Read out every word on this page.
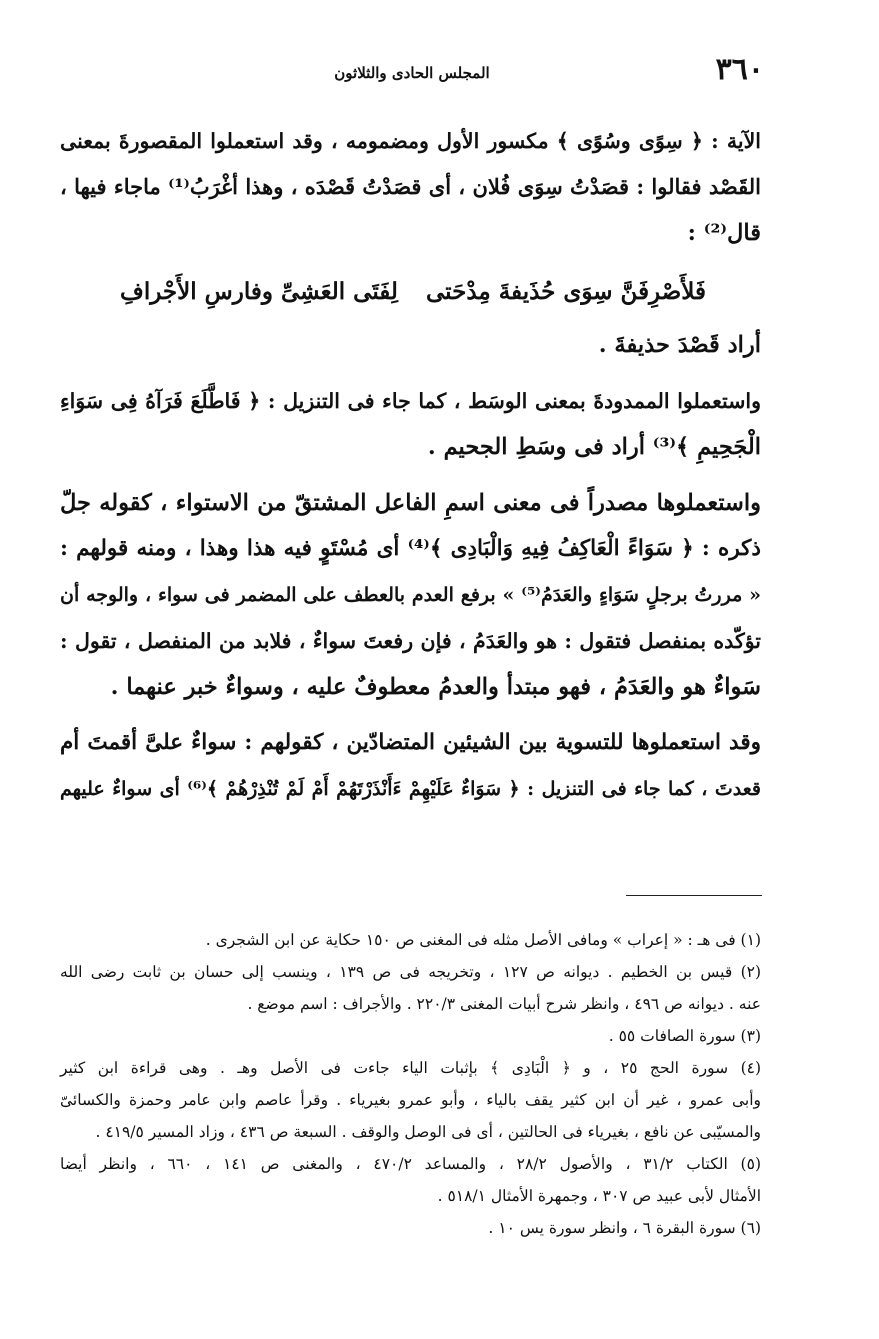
٣٦٠
المجلس الحادى والثلاثون
الآية : ﴿ سِوًى وسُوًى ﴾ مكسور الأول ومضمومه ، وقد استعملوا المقصورةَ بمعنى
القَصْد فقالوا : قصَدْتُ سِوَى فُلان ، أى قصَدْتُ قَصْدَه ، وهذا أغْرَبُ⁽¹⁾ ماجاء فيها ،
قال⁽²⁾ :
فَلأَصْرِفَنَّ سِوَى حُذَيفةَ مِدْحَتى
لِفَتَى العَشِىِّ وفارسِ الأَجْرافِ
أراد قَصْدَ حذيفةَ .
واستعملوا الممدودةَ بمعنى الوسَط ، كما جاء فى التنزيل : ﴿ فَاطَّلَعَ فَرَآهُ فِى سَوَاءِ
الْجَحِيمِ ﴾⁽³⁾ أراد فى وسَطِ الجحيم .
واستعملوها مصدراً فى معنى اسمِ الفاعل المشتقّ من الاستواء ، كقوله جلّ
ذكره : ﴿ سَوَاءً الْعَاكِفُ فِيهِ وَالْبَادِى ﴾⁽⁴⁾ أى مُسْتَوٍ فيه هذا وهذا ، ومنه قولهم :
« مررتُ برجلٍ سَوَاءٍ والعَدَمُ⁽⁵⁾ » برفع العدم بالعطف على المضمر فى سواء ، والوجه أن
تؤكّده بمنفصل فتقول : هو والعَدَمُ ، فإن رفعتَ سواءٌ ، فلابد من المنفصل ، تقول :
سَواءٌ هو والعَدَمُ ، فهو مبتدأ والعدمُ معطوفٌ عليه ، وسواءٌ خبر عنهما .
وقد استعملوها للتسوية بين الشيئين المتضادّين ، كقولهم : سواءٌ علىَّ أقمتَ أم
قعدتَ ، كما جاء فى التنزيل : ﴿ سَوَاءٌ عَلَيْهِمْ ءَأَنْذَرْتَهُمْ أَمْ لَمْ تُنْذِرْهُمْ ﴾⁽⁶⁾ أى سواءٌ عليهم
(١) فى هـ : « إعراب » ومافى الأصل مثله فى المغنى ص ١٥٠ حكاية عن ابن الشجرى .
(٢) قيس بن الخطيم . ديوانه ص ١٢٧ ، وتخريجه فى ص ١٣٩ ، وينسب إلى حسان بن ثابت رضى الله
عنه . ديوانه ص ٤٩٦ ، وانظر شرح أبيات المغنى ٢٢٠/٣ . والأجراف : اسم موضع .
(٣) سورة الصافات ٥٥ .
(٤) سورة الحج ٢٥ ، و ﴿ الْبَادِى ﴾ بإثبات الياء جاءت فى الأصل وهـ . وهى قراءة ابن كثير
وأبى عمرو ، غير أن ابن كثير يقف بالياء ، وأبو عمرو بغيرياء . وقرأ عاصم وابن عامر وحمزة والكسائىّ
والمسيّبى عن نافع ، بغيرياء فى الحالتين ، أى فى الوصل والوقف . السبعة ص ٤٣٦ ، وزاد المسير ٤١٩/٥ .
(٥) الكتاب ٣١/٢ ، والأصول ٢٨/٢ ، والمساعد ٤٧٠/٢ ، والمغنى ص ١٤١ ، ٦٦٠ ، وانظر أيضا
الأمثال لأبى عبيد ص ٣٠٧ ، وجمهرة الأمثال ٥١٨/١ .
(٦) سورة البقرة ٦ ، وانظر سورة يس ١٠ .
